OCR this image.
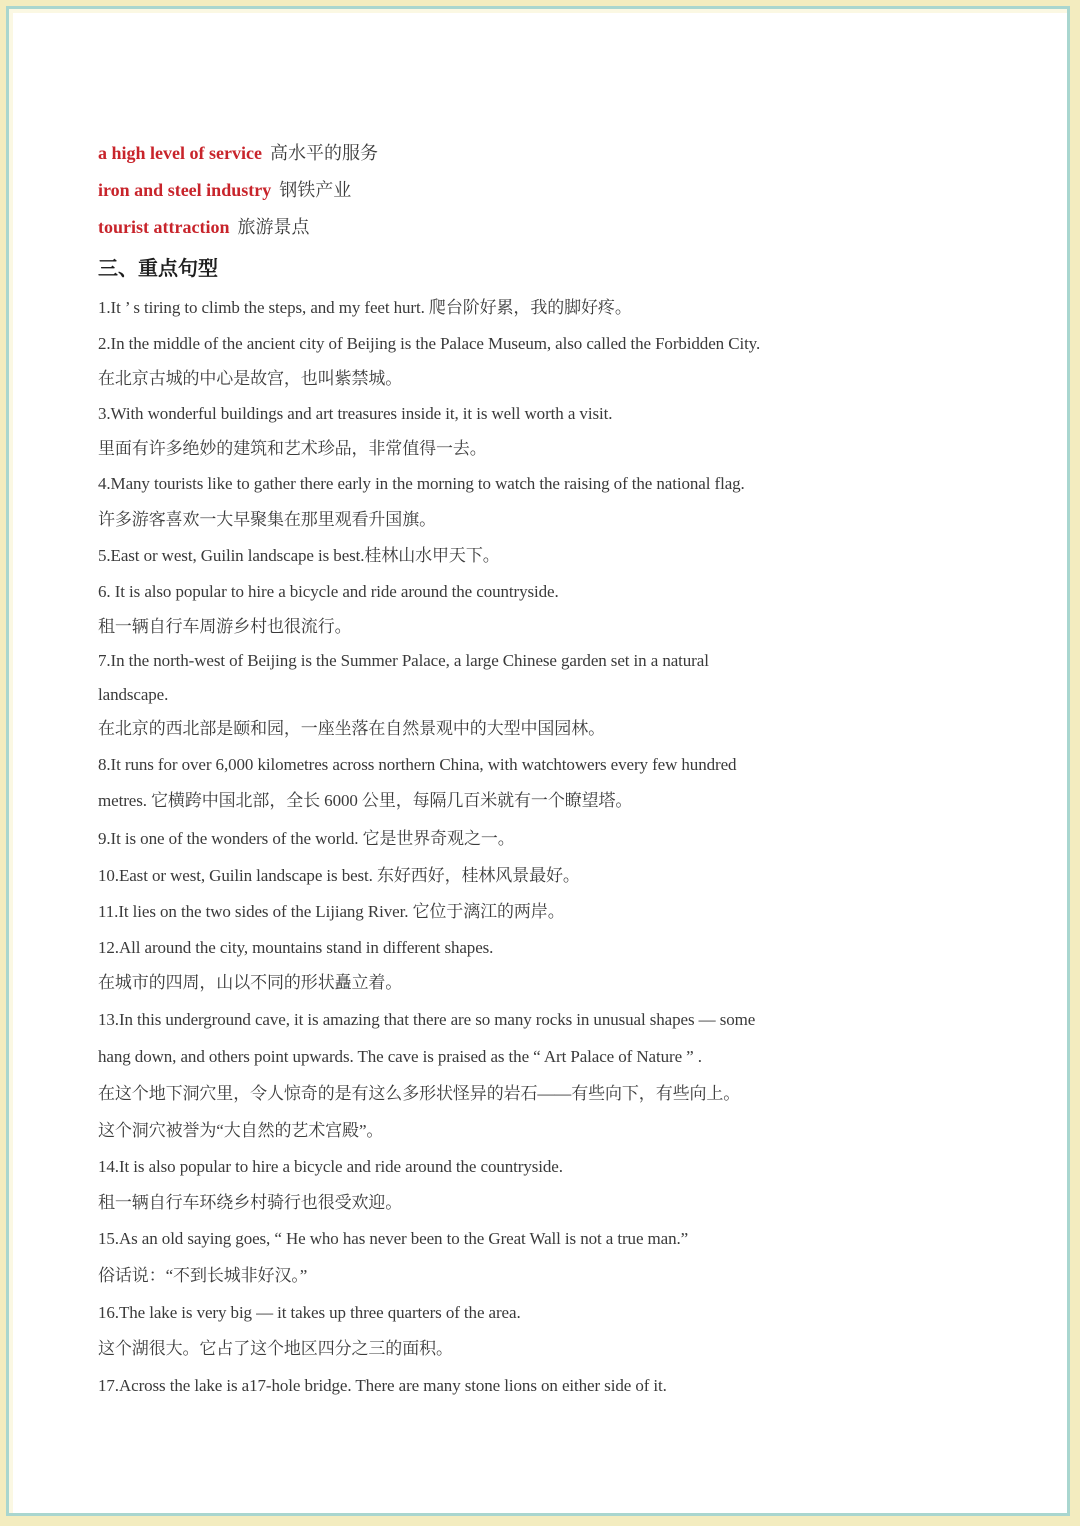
a high level of service 高水平的服务
iron and steel industry 钢铁产业
tourist attraction 旅游景点
三、重点句型
1.It ’ s tiring to climb the steps, and my feet hurt. 爬台阶好累，我的脚好疼。
2.In the middle of the ancient city of Beijing is the Palace Museum, also called the Forbidden City.
在北京古城的中心是故宫，也叫紫禁城。
3.With wonderful buildings and art treasures inside it, it is well worth a visit.
里面有许多绝妙的建筑和艺术珍品，非常值得一去。
4.Many tourists like to gather there early in the morning to watch the raising of the national flag.
许多游客喜欢一大早聚集在那里观看升国旗。
5.East or west, Guilin landscape is best.桂林山水甲天下。
6. It is also popular to hire a bicycle and ride around the countryside.
租一辆自行车周游乡村也很流行。
7.In the north-west of Beijing is the Summer Palace, a large Chinese garden set in a natural
landscape.
在北京的西北部是颐和园，一座坐落在自然景观中的大型中国园林。
8.It runs for over 6,000 kilometres across northern China, with watchtowers every few hundred
metres. 它横跨中国北部，全长 6000 公里，每隔几百米就有一个瞭望塔。
9.It is one of the wonders of the world. 它是世界奇观之一。
10.East or west, Guilin landscape is best. 东好西好，桂林风景最好。
11.It lies on the two sides of the Lijiang River. 它位于漓江的两岸。
12.All around the city, mountains stand in different shapes.
在城市的四周，山以不同的形状矗立着。
13.In this underground cave, it is amazing that there are so many rocks in unusual shapes — some
hang down, and others point upwards. The cave is praised as the “ Art Palace of Nature ” .
在这个地下洞穴里，令人惊奇的是有这么多形状怪异的岩石——有些向下，有些向上。
这个洞穴被誉为“大自然的艺术宫殿”。
14.It is also popular to hire a bicycle and ride around the countryside.
租一辆自行车环绕乡村骑行也很受欢迎。
15.As an old saying goes, “ He who has never been to the Great Wall is not a true man.”
俗话说：“不到长城非好汉。”
16.The lake is very big — it takes up three quarters of the area.
这个湖很大。它占了这个地区四分之三的面积。
17.Across the lake is a17-hole bridge. There are many stone lions on either side of it.
